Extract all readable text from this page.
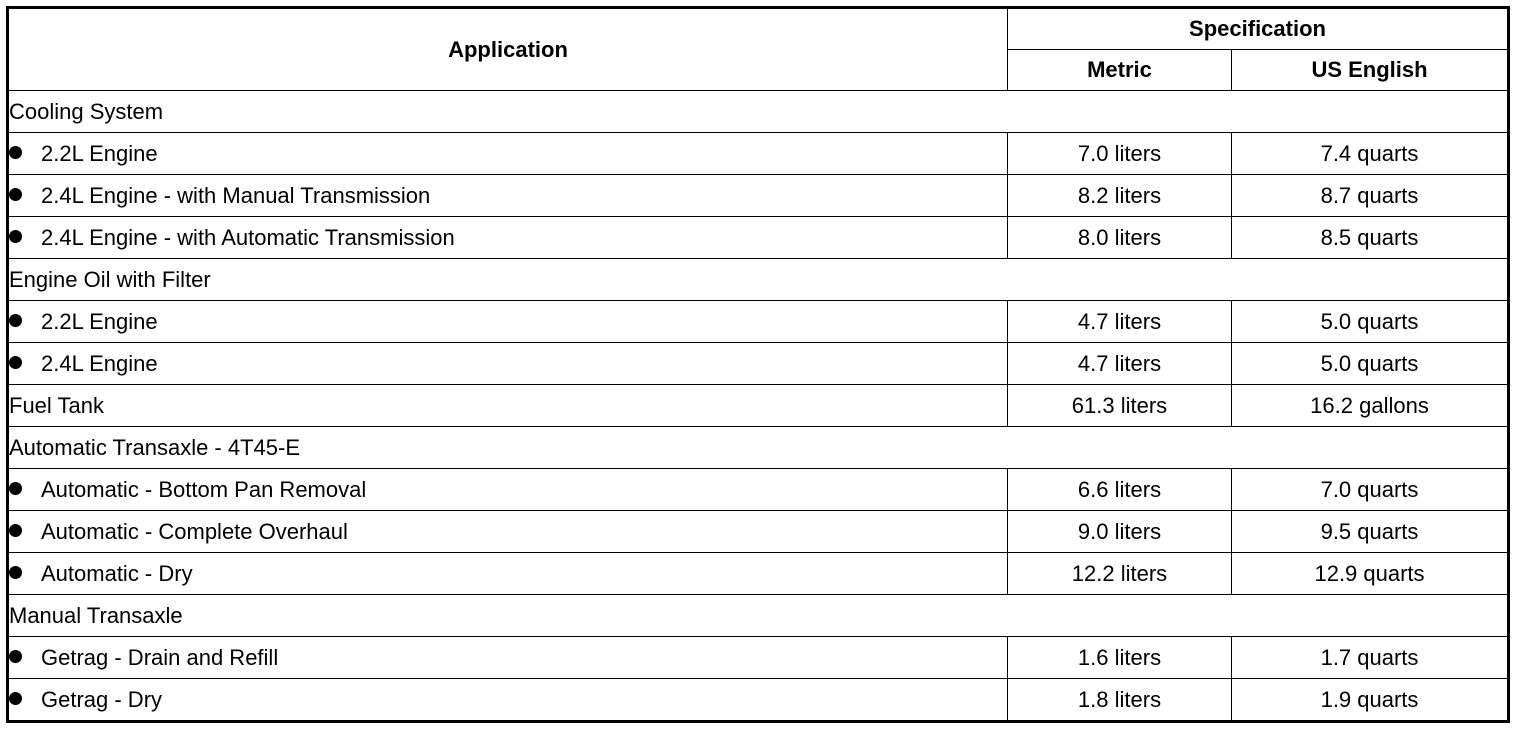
Application	Specification	
	Metric	US English
Cooling System		
2.2L Engine	7.0 liters	7.4 quarts
2.4L Engine - with Manual Transmission	8.2 liters	8.7 quarts
2.4L Engine - with Automatic Transmission	8.0 liters	8.5 quarts
Engine Oil with Filter		
2.2L Engine	4.7 liters	5.0 quarts
2.4L Engine	4.7 liters	5.0 quarts
Fuel Tank	61.3 liters	16.2 gallons
Automatic Transaxle - 4T45-E		
Automatic - Bottom Pan Removal	6.6 liters	7.0 quarts
Automatic - Complete Overhaul	9.0 liters	9.5 quarts
Automatic - Dry	12.2 liters	12.9 quarts
Manual Transaxle		
Getrag - Drain and Refill	1.6 liters	1.7 quarts
Getrag - Dry	1.8 liters	1.9 quarts
